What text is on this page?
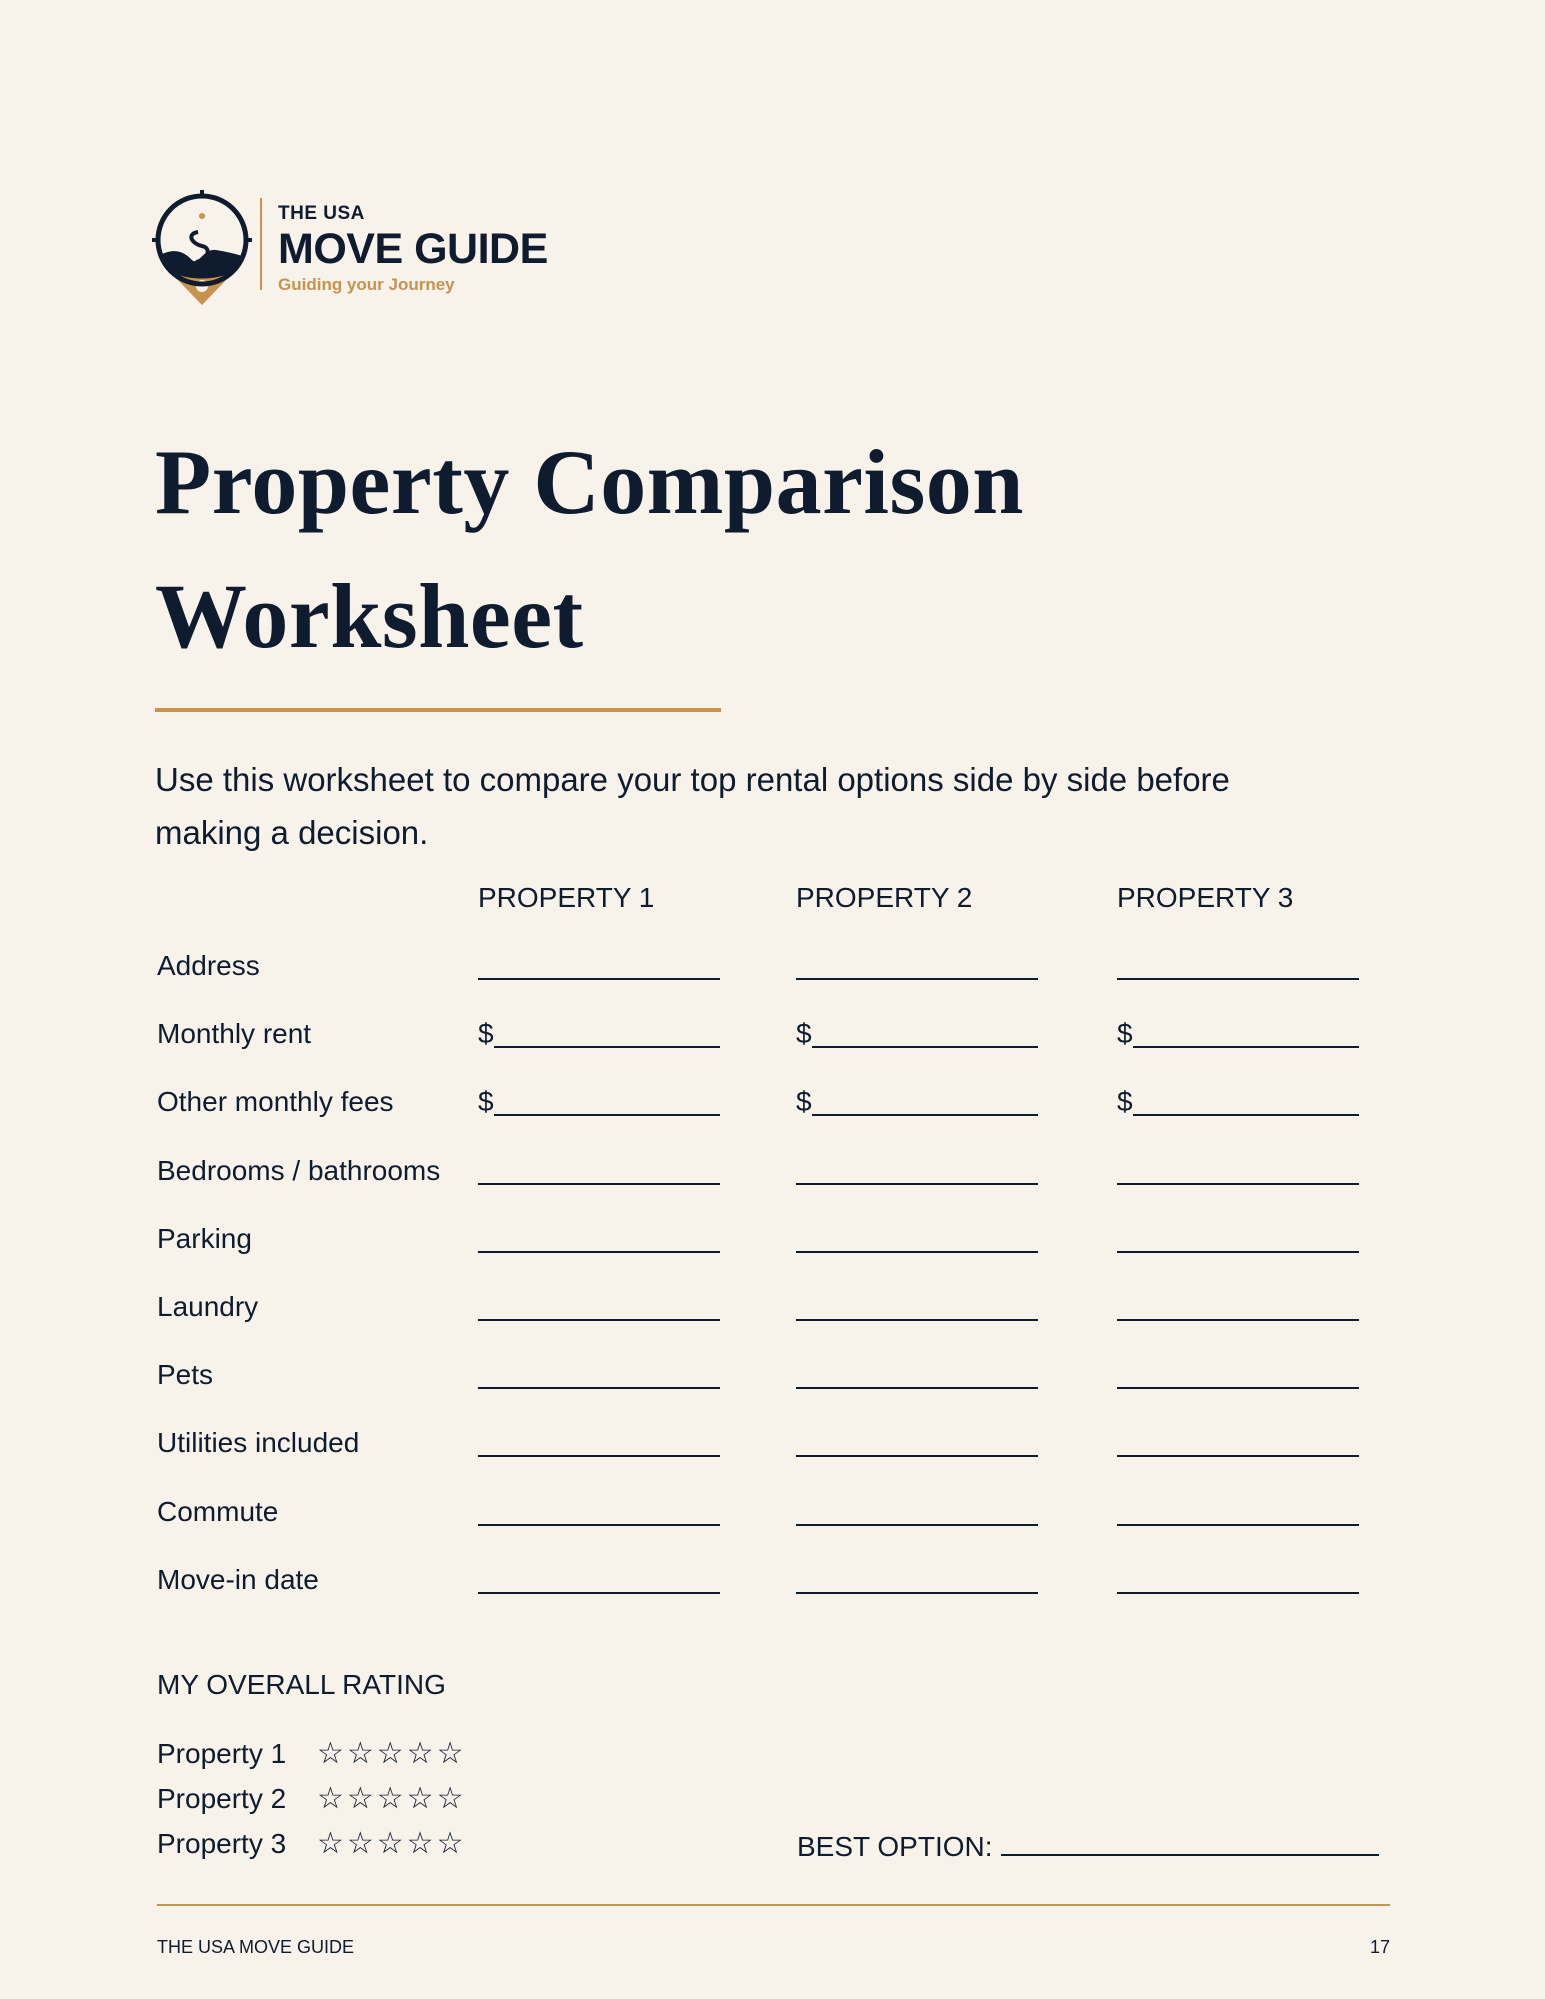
THE USA
MOVE GUIDE
Guiding your Journey
Property Comparison Worksheet

Use this worksheet to compare your top rental options side by side before making a decision.

PROPERTY 1	PROPERTY 2	PROPERTY 3
Address
Monthly rent	$	$	$
Other monthly fees	$	$	$
Bedrooms / bathrooms
Parking
Laundry
Pets
Utilities included
Commute
Move-in date
MY OVERALL RATING
Property 1 ☆☆☆☆☆
Property 2 ☆☆☆☆☆
Property 3 ☆☆☆☆☆	BEST OPTION:
THE USA MOVE GUIDE	17
